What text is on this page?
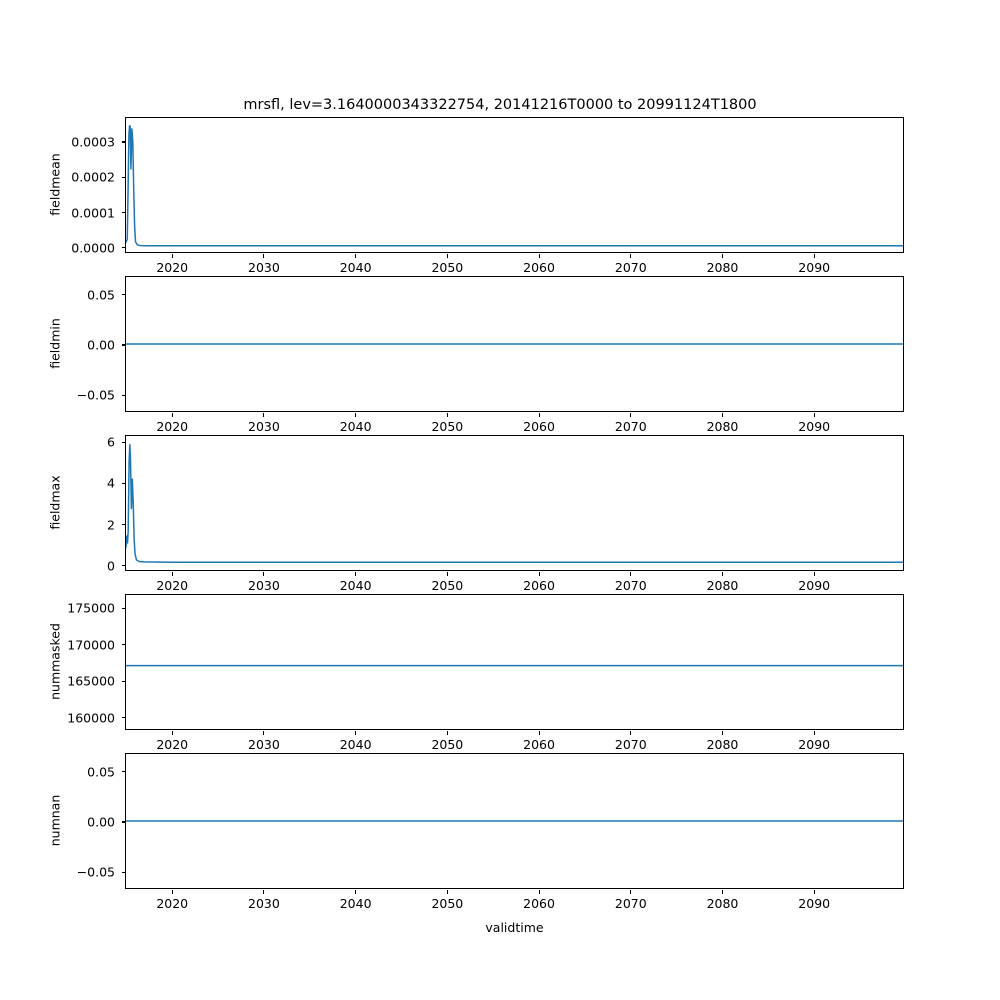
mrsfl, lev=3.1640000343322754, 20141216T0000 to 20991124T1800
validtime
0.0000
0.0001
0.0002
0.0003
2020	2030	2040	2050	2060	2070	2080	2090
fieldmean
−0.05
0.00
0.05
2020	2030	2040	2050	2060	2070	2080	2090
fieldmin
0
2
4
6
2020	2030	2040	2050	2060	2070	2080	2090
fieldmax
160000
165000
170000
175000
2020	2030	2040	2050	2060	2070	2080	2090
nummasked
−0.05
0.00
0.05
2020	2030	2040	2050	2060	2070	2080	2090
numnan
